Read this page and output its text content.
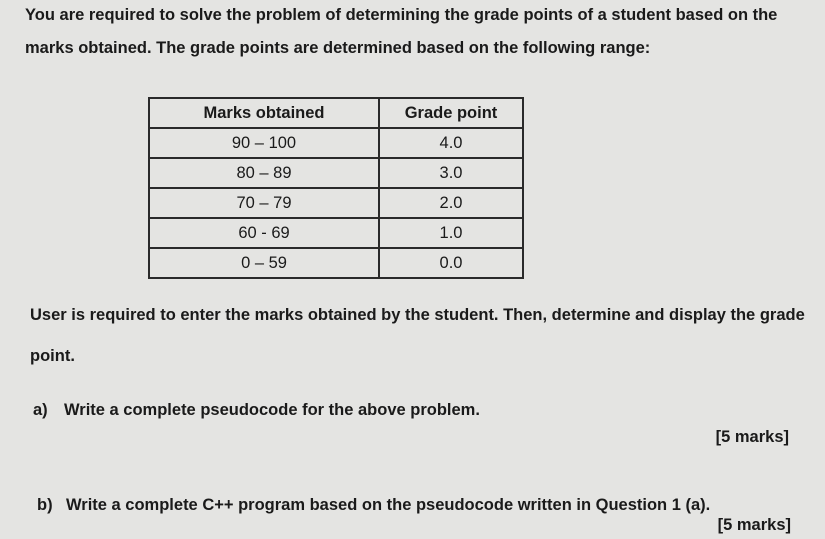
You are required to solve the problem of determining the grade points of a student based on the
marks obtained. The grade points are determined based on the following range:
Marks obtained	Grade point
90 – 100	4.0
80 – 89	3.0
70 – 79	2.0
60 - 69	1.0
0 – 59	0.0
User is required to enter the marks obtained by the student. Then, determine and display the grade
point.
a) Write a complete pseudocode for the above problem.
[5 marks]
b) Write a complete C++ program based on the pseudocode written in Question 1 (a).
[5 marks]
